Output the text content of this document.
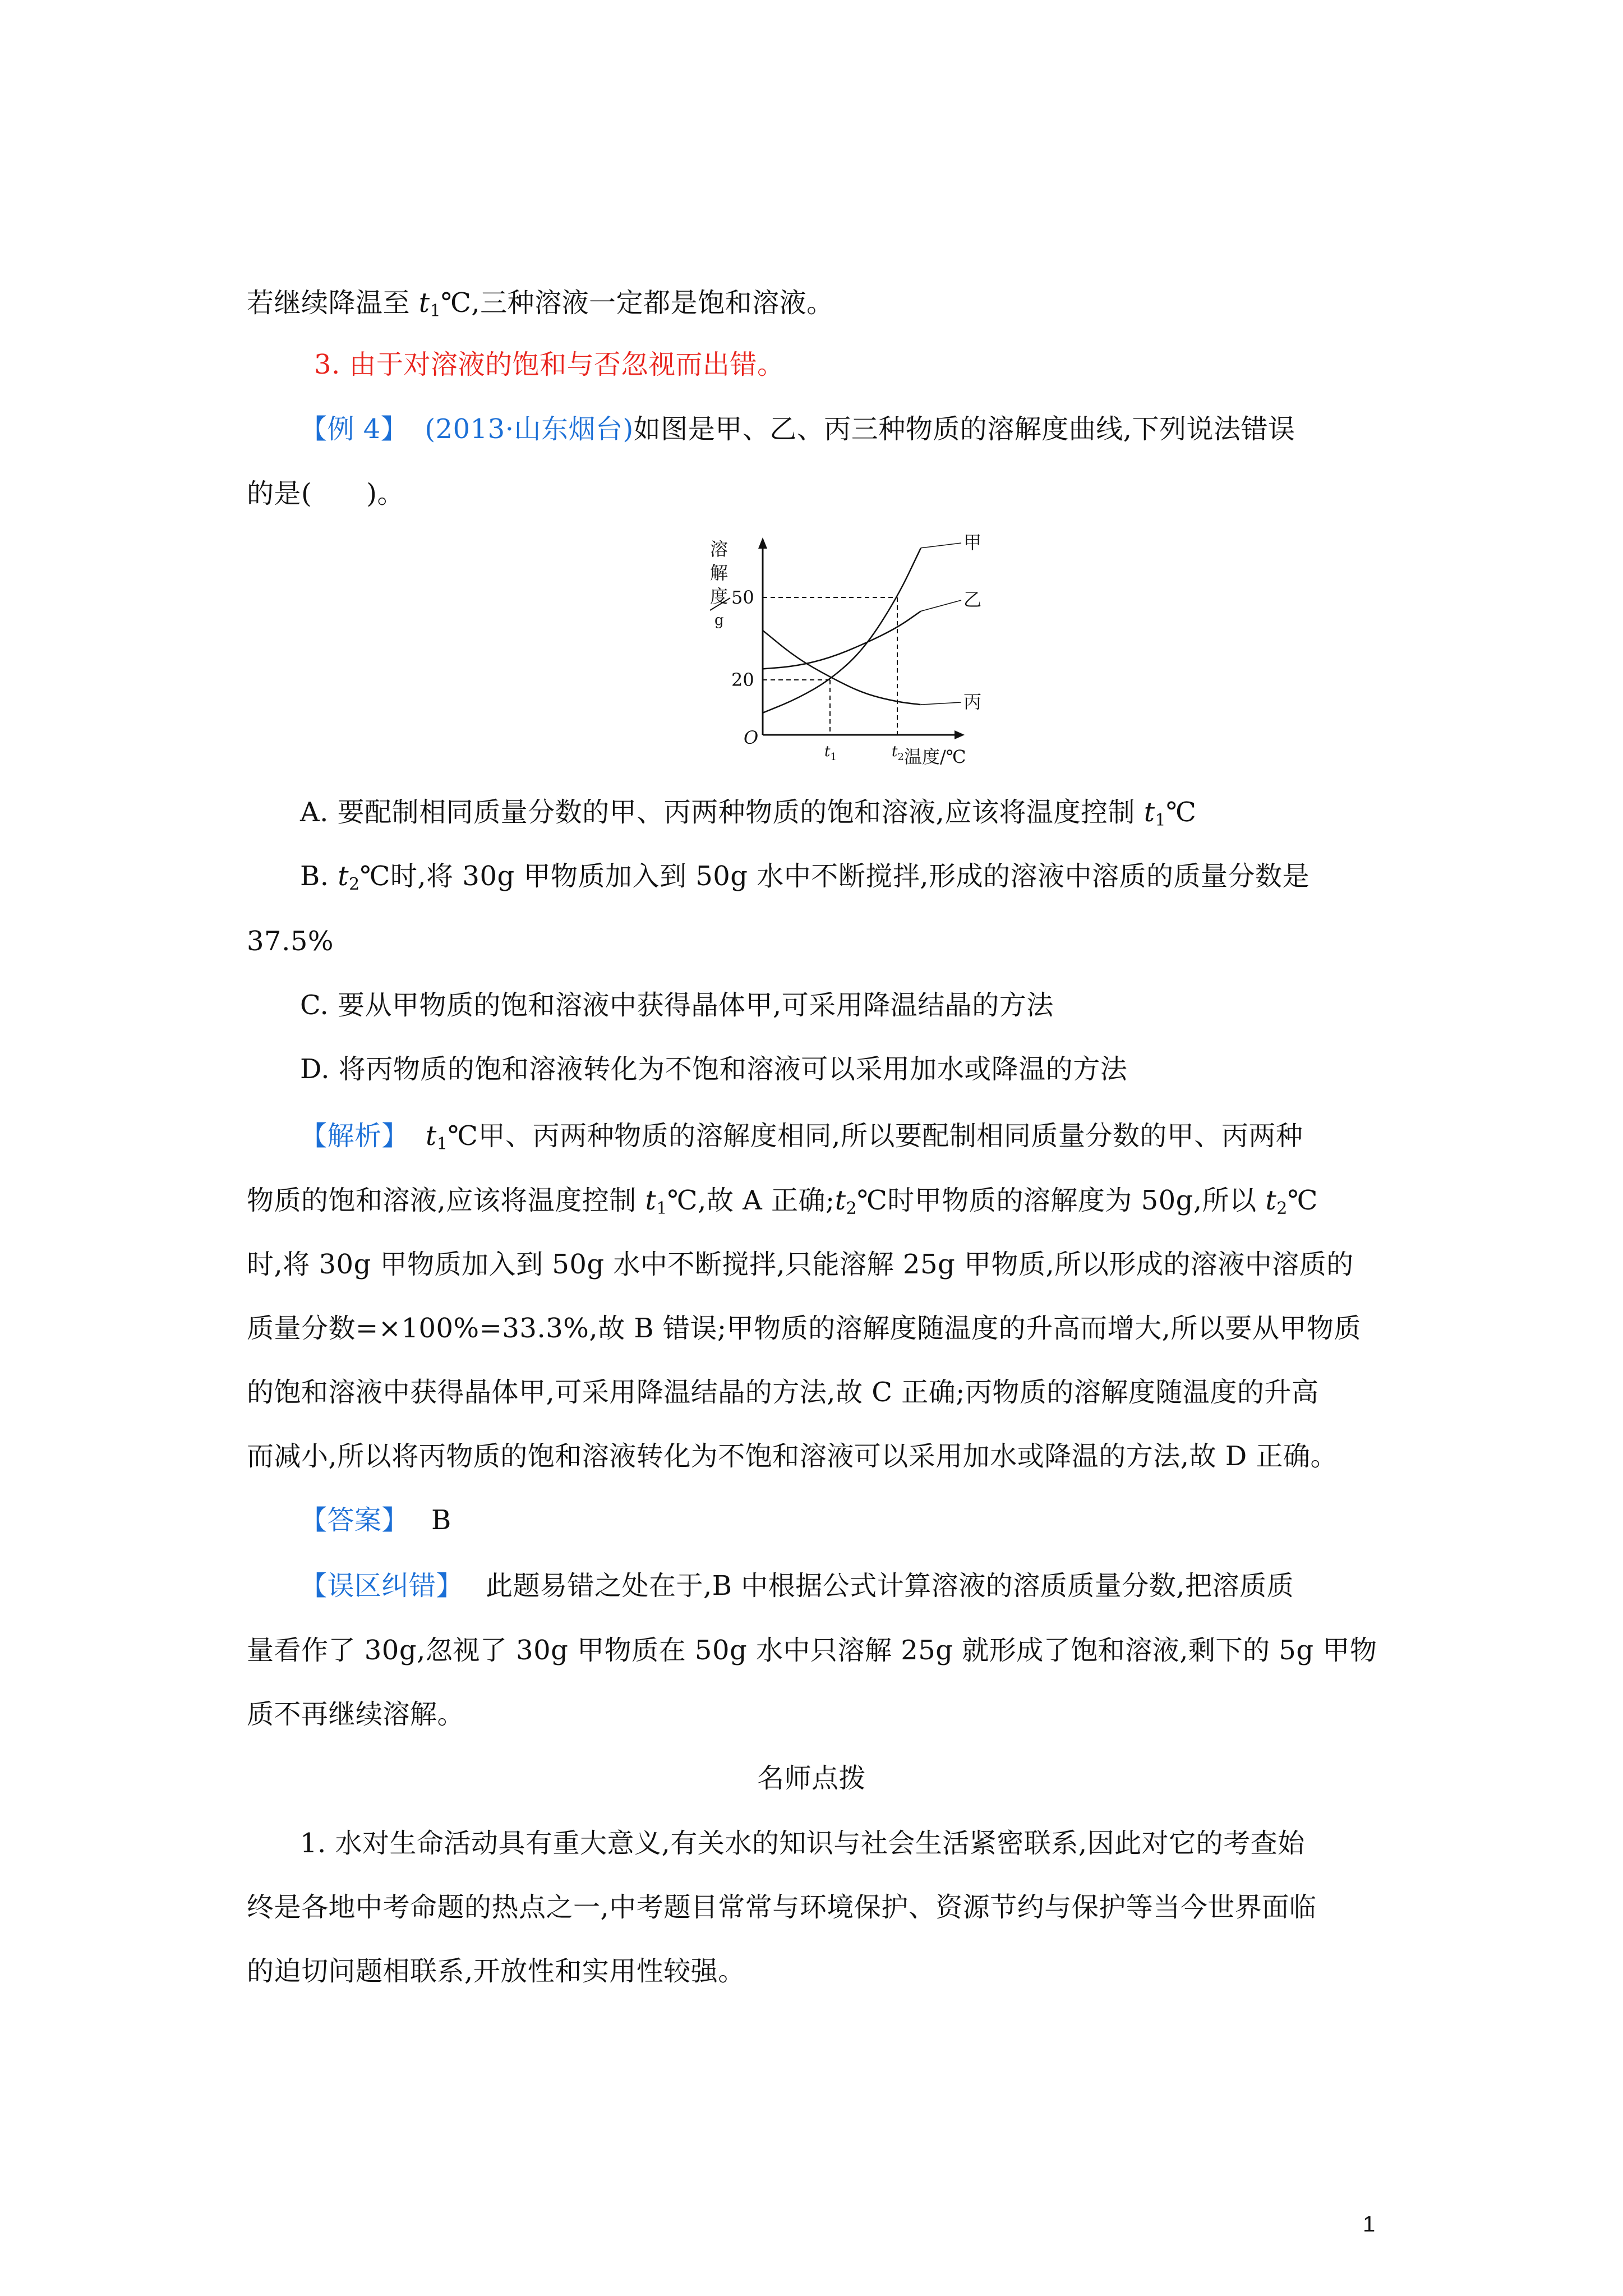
若继续降温至 $t_1℃$,三种溶液一定都是饱和溶液。
3. 由于对溶液的饱和与否忽视而出错。
【例 4】 (2013·山东烟台)如图是甲、乙、丙三种物质的溶解度曲线,下列说法错误
的是(　　)。
溶
解
度
g
O
温度/℃
20
50
$t_1$	$t_2$
甲
乙
丙
A. 要配制相同质量分数的甲、丙两种物质的饱和溶液,应该将温度控制 $t_1℃$
B. $t_2℃$时,将 30g 甲物质加入到 50g 水中不断搅拌,形成的溶液中溶质的质量分数是
37.5%
C. 要从甲物质的饱和溶液中获得晶体甲,可采用降温结晶的方法
D. 将丙物质的饱和溶液转化为不饱和溶液可以采用加水或降温的方法
【解析】 $t_1℃$甲、丙两种物质的溶解度相同,所以要配制相同质量分数的甲、丙两种
物质的饱和溶液,应该将温度控制 $t_1℃$,故 A 正确$;t_2℃$时甲物质的溶解度为 50g,所以 $t_2℃$
时,将 30g 甲物质加入到 50g 水中不断搅拌,只能溶解 25g 甲物质,所以形成的溶液中溶质的
质量分数=×100%=33.3%,故 B 错误;甲物质的溶解度随温度的升高而增大,所以要从甲物质
的饱和溶液中获得晶体甲,可采用降温结晶的方法,故 C 正确;丙物质的溶解度随温度的升高
而减小,所以将丙物质的饱和溶液转化为不饱和溶液可以采用加水或降温的方法,故 D 正确。
【答案】 B
【误区纠错】 此题易错之处在于,B 中根据公式计算溶液的溶质质量分数,把溶质质
量看作了 30g,忽视了 30g 甲物质在 50g 水中只溶解 25g 就形成了饱和溶液,剩下的 5g 甲物
质不再继续溶解。
名师点拨
1. 水对生命活动具有重大意义,有关水的知识与社会生活紧密联系,因此对它的考查始
终是各地中考命题的热点之一,中考题目常常与环境保护、资源节约与保护等当今世界面临
的迫切问题相联系,开放性和实用性较强。
1
